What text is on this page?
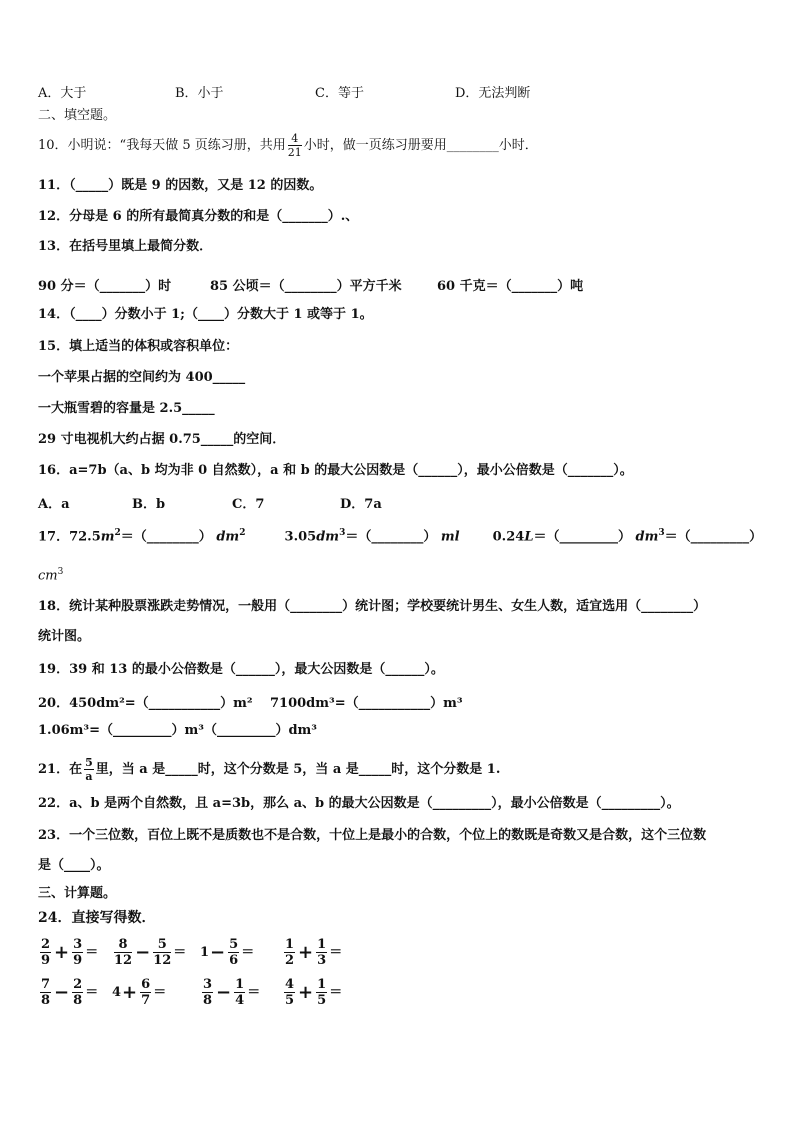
A．大于	B．小于	C．等于	D．无法判断
二、填空题。
10．小明说：“我每天做 5 页练习册，共用 $\frac{4}{21}$ 小时，做一页练习册要用________小时．
11．（_____）既是 9 的因数，又是 12 的因数。
12．分母是 6 的所有最简真分数的和是（_______）.、
13．在括号里填上最简分数．
90 分＝（_______）时	85 公顷＝（________）平方千米	60 千克＝（_______）吨
14．（____）分数小于 1;（____）分数大于 1 或等于 1。
15．填上适当的体积或容积单位：
一个苹果占据的空间约为 400_____
一大瓶雪碧的容量是 2.5_____
29 寸电视机大约占据 0.75_____的空间．
16．a=7b（a、b 均为非 0 自然数），a 和 b 的最大公因数是（______），最小公倍数是（_______）。
A．a	B．b	C．7	D．7a
17．$72.5m^2=(\_\_\_\_\_\_\_\_)$ $dm^2$	$3.05dm^3=(\_\_\_\_\_\_\_\_)$ ml	0.24L＝（_________） $dm^3=(\_\_\_\_\_\_\_\_\_)$
$cm^3$
18．统计某种股票涨跌走势情况，一般用（________）统计图；学校要统计男生、女生人数，适宜选用（________）
统计图。
19．39 和 13 的最小公倍数是（______），最大公因数是（______）。
20．450dm²=（___________）m² 7100dm³=（___________）m³
1.06m³=（_________）m³（_________）dm³
21．在 $\frac{5}{a}$ 里，当 a 是_____时，这个分数是 5，当 a 是_____时，这个分数是 1.
22．a、b 是两个自然数，且 a=3b，那么 a、b 的最大公因数是（_________），最小公倍数是（_________）。
23．一个三位数，百位上既不是质数也不是合数，十位上是最小的合数，个位上的数既是奇数又是合数，这个三位数
是（____）。
三、计算题。
24．直接写得数．
$\frac{2}{9} + \frac{3}{9} = \frac{8}{12} - \frac{5}{12} = 1- \frac{5}{6} = \frac{1}{2} + \frac{1}{3}$ ＝
$\frac{7}{8} - \frac{2}{8} = 4+ \frac{6}{7}$ ＝	$\frac{3}{8} - \frac{1}{4} = \frac{4}{5} + \frac{1}{5}$ ＝
